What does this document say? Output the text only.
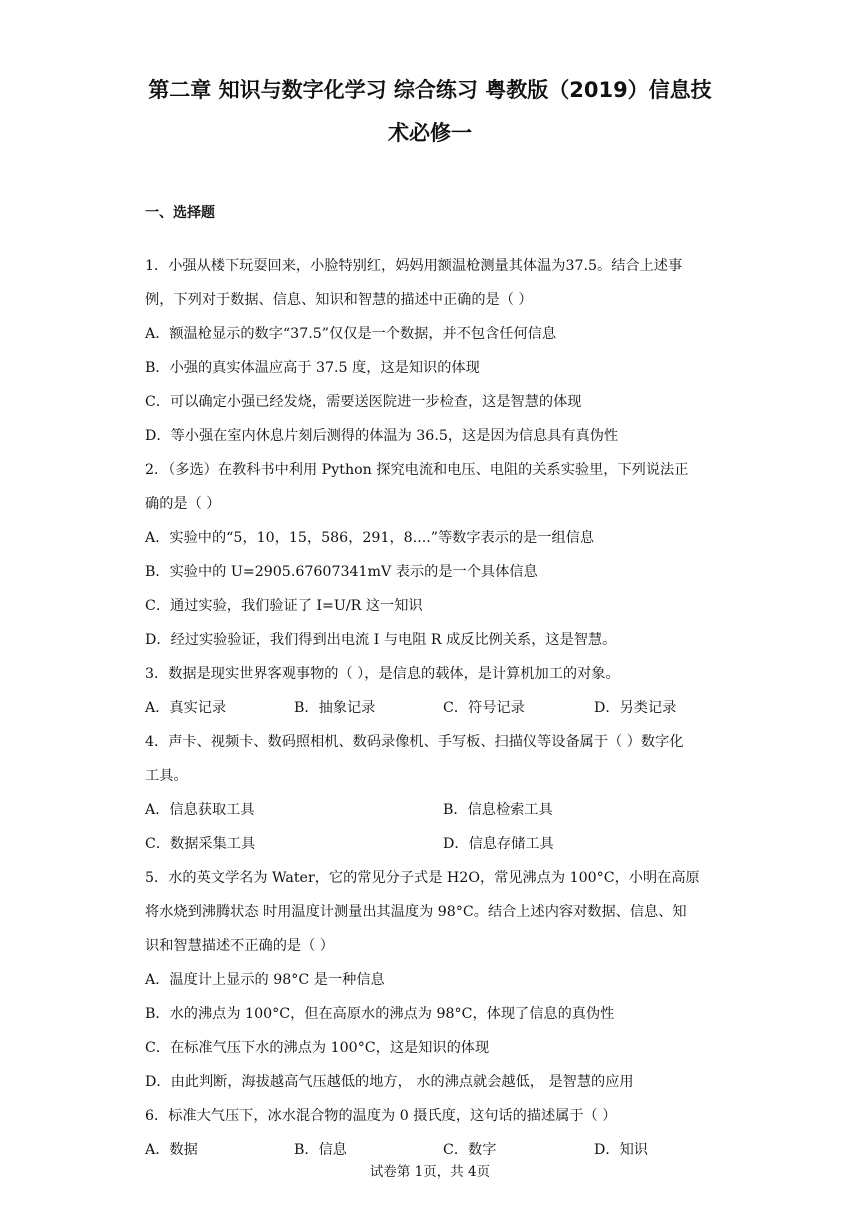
第二章 知识与数字化学习 综合练习 粤教版（2019）信息技
术必修一
一、选择题
1．小强从楼下玩耍回来，小脸特别红，妈妈用额温枪测量其体温为37.5。结合上述事
例，下列对于数据、信息、知识和智慧的描述中正确的是（ ）
A．额温枪显示的数字“37.5”仅仅是一个数据，并不包含任何信息
B．小强的真实体温应高于 37.5 度，这是知识的体现
C．可以确定小强已经发烧，需要送医院进一步检查，这是智慧的体现
D．等小强在室内休息片刻后测得的体温为 36.5，这是因为信息具有真伪性
2．（多选）在教科书中利用 Python 探究电流和电压、电阻的关系实验里，下列说法正
确的是（ ）
A．实验中的“5，10，15，586，291，8....”等数字表示的是一组信息
B．实验中的 U=2905.67607341mV 表示的是一个具体信息
C．通过实验，我们验证了 I=U/R 这一知识
D．经过实验验证，我们得到出电流 I 与电阻 R 成反比例关系，这是智慧。
3．数据是现实世界客观事物的（ ），是信息的载体，是计算机加工的对象。
A．真实记录	B．抽象记录	C．符号记录	D．另类记录
4．声卡、视频卡、数码照相机、数码录像机、手写板、扫描仪等设备属于（ ）数字化
工具。
A．信息获取工具	B．信息检索工具
C．数据采集工具	D．信息存储工具
5．水的英文学名为 Water，它的常见分子式是 H2O，常见沸点为 100°C，小明在高原
将水烧到沸腾状态 时用温度计测量出其温度为 98°C。结合上述内容对数据、信息、知
识和智慧描述不正确的是（ ）
A．温度计上显示的 98°C 是一种信息
B．水的沸点为 100°C，但在高原水的沸点为 98°C，体现了信息的真伪性
C．在标准气压下水的沸点为 100°C，这是知识的体现
D．由此判断，海拔越高气压越低的地方， 水的沸点就会越低， 是智慧的应用
6．标准大气压下，冰水混合物的温度为 0 摄氏度，这句话的描述属于（ ）
A．数据	B．信息	C．数字	D．知识
试卷第 1页，共 4页
